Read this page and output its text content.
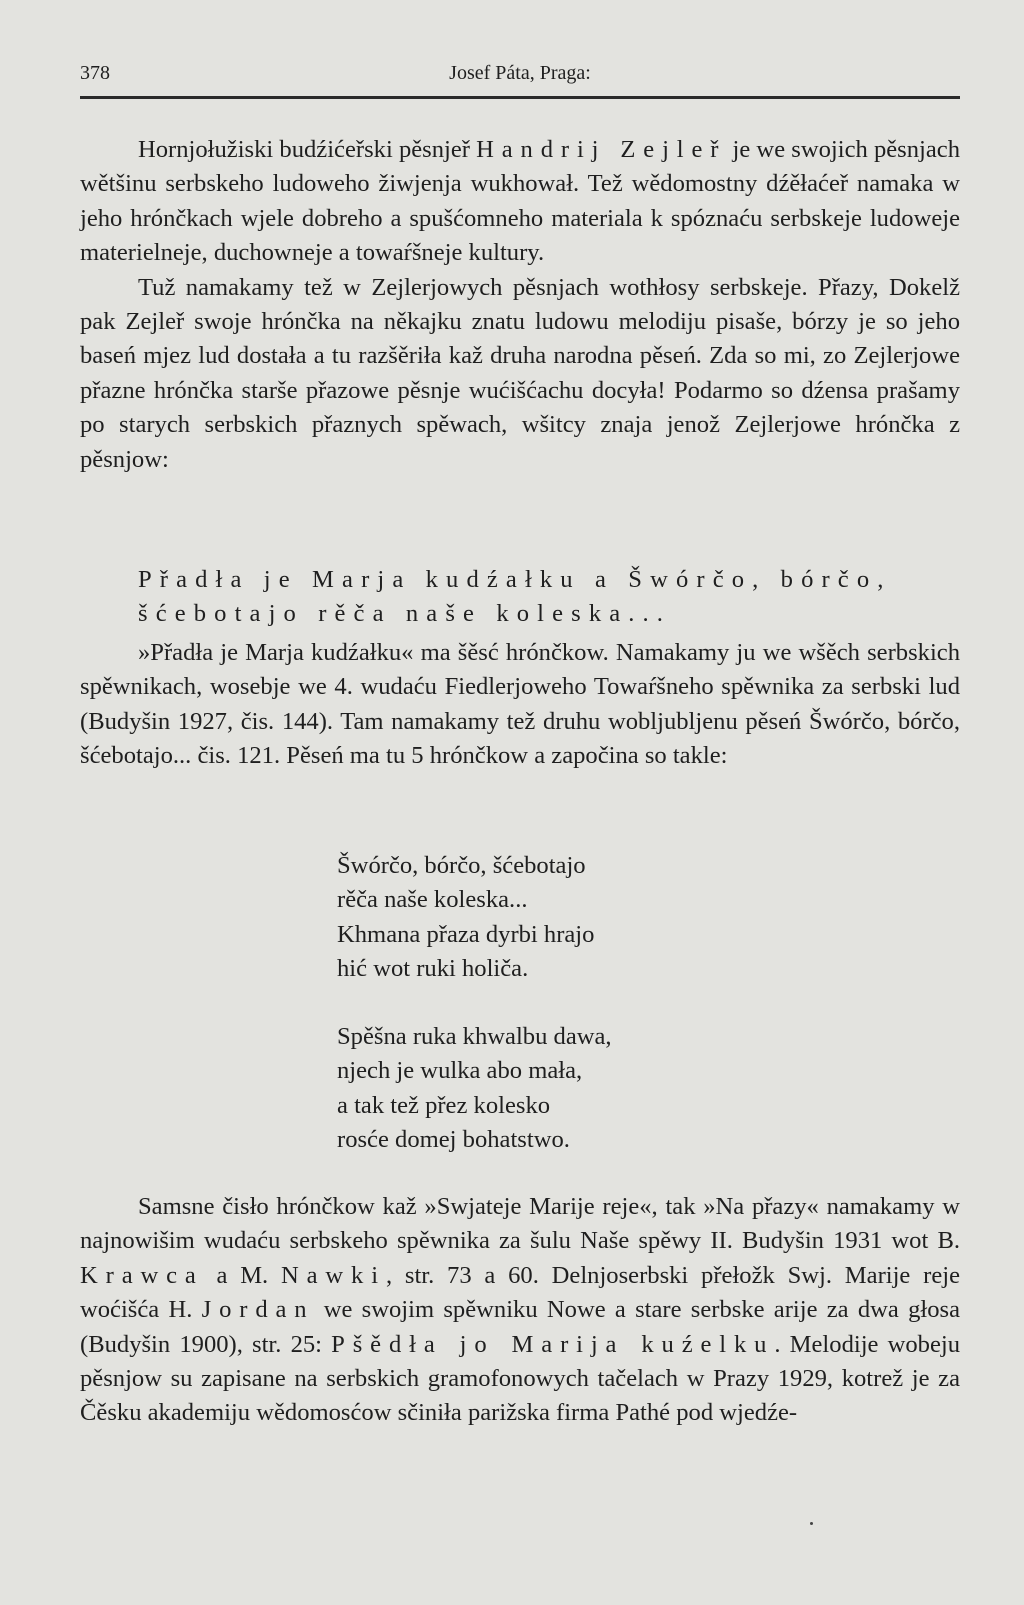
378	Josef Páta, Praga:

Hornjołužiski budźićeřski pěsnjeř Handrij Zejleř je we swojich pěsnjach wětšinu serbskeho ludoweho žiwjenja wukhował. Tež wědomostny dźěłaćeř namaka w jeho hrónčkach wjele dobreho a spušćomneho materiala k spóznaću serbskeje ludoweje materielneje, duchowneje a towaŕšneje kultury.

Tuž namakamy tež w Zejlerjowych pěsnjach wothłosy serbskeje. Přazy, Dokelž pak Zejleř swoje hrónčka na někajku znatu ludowu melodiju pisaše, bórzy je so jeho baseń mjez lud dostała a tu razšěriła kaž druha narodna pěseń. Zda so mi, zo Zejlerjowe přazne hrónčka starše přazowe pěsnje wućišćachu docyła! Podarmo so dźensa prašamy po starych serbskich přaznych spěwach, wšitcy znaja jenož Zejlerjowe hrónčka z pěsnjow:

Přadła je Marja kudźałku a Šwórčo, bórčo,
šćebotajo rěča naše koleska...

»Přadła je Marja kudźałku« ma šěsć hrónčkow. Namakamy ju we wšěch serbskich spěwnikach, wosebje we 4. wudaću Fiedlerjoweho Towaŕšneho spěwnika za serbski lud (Budyšin 1927, čis. 144). Tam namakamy tež druhu wobljubljenu pěseń Šwórčo, bórčo, šćebotajo... čis. 121. Pěseń ma tu 5 hrónčkow a započina so takle:

Šwórčo, bórčo, šćebotajo
rěča naše koleska...
Khmana přaza dyrbi hrajo
hić wot ruki holiča.
Spěšna ruka khwalbu dawa,
njech je wulka abo mała,
a tak tež přez kolesko
rosće domej bohatstwo.

Samsne čisło hrónčkow kaž »Swjateje Marije reje«, tak »Na přazy« namakamy w najnowišim wudaću serbskeho spěwnika za šulu Naše spěwy II. Budyšin 1931 wot B. Krawca a M. Nawki, str. 73 a 60. Delnjoserbski přełožk Swj. Marije reje wоćišća H. Jordan we swojim spěwniku Nowe a stare serbske arije za dwa głosa (Budyšin 1900), str. 25: Pšědła jo Marija kuźelku. Melodije wobeju pěsnjow su zapisane na serbskich gramofonowych tačelach w Prazy 1929, kotrež je za Čěsku akademiju wědomosćow sčiniła parižska firma Pathé pod wjedźe-
